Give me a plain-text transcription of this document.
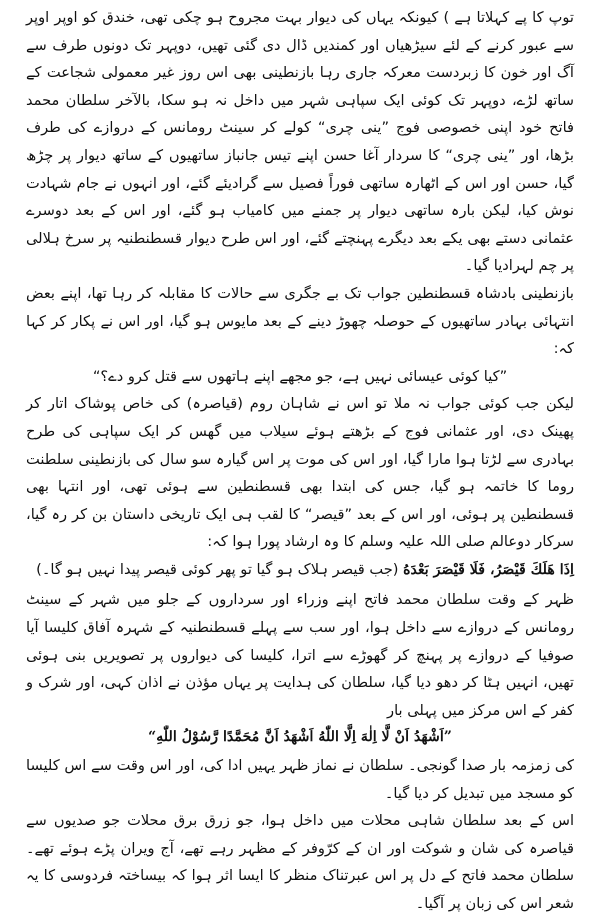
توپ کا پے کہلاتا ہے ) کیونکہ یہاں کی دیوار بہت مجروح ہو چکی تھی، خندق کو اوپر اوپر سے عبور کرنے کے لئے سیڑھیاں اور کمندیں ڈال دی گئی تھیں، دوپہر تک دونوں طرف سے آگ اور خون کا زبردست معرکہ جاری رہا بازنطینی بھی اس روز غیر معمولی شجاعت کے ساتھ لڑے، دوپہر تک کوئی ایک سپاہی شہر میں داخل نہ ہو سکا، بالآخر سلطان محمد فاتح خود اپنی خصوصی فوج ”ینی چری“ کولے کر سینٹ رومانس کے دروازے کی طرف بڑھا، اور ”ینی چری“ کا سردار آغا حسن اپنے تیس جانباز ساتھیوں کے ساتھ دیوار پر چڑھ گیا، حسن اور اس کے اٹھارہ ساتھی فوراً فصیل سے گرادیئے گئے، اور انہوں نے جام شہادت نوش کیا، لیکن بارہ ساتھی دیوار پر جمنے میں کامیاب ہو گئے، اور اس کے بعد دوسرے عثمانی دستے بھی یکے بعد دیگرے پہنچتے گئے، اور اس طرح دیوار قسطنطنیہ پر سرخ ہلالی پر چم لہرادیا گیا۔

بازنطینی بادشاہ قسطنطین جواب تک بے جگری سے حالات کا مقابلہ کر رہا تھا، اپنے بعض انتہائی بہادر ساتھیوں کے حوصلہ چھوڑ دینے کے بعد مایوس ہو گیا، اور اس نے پکار کر کہا کہ:

”کیا کوئی عیسائی نہیں ہے، جو مجھے اپنے ہاتھوں سے قتل کرو دے؟“

لیکن جب کوئی جواب نہ ملا تو اس نے شاہان روم (قیاصرہ) کی خاص پوشاک اتار کر پھینک دی، اور عثمانی فوج کے بڑھتے ہوئے سیلاب میں گھس کر ایک سپاہی کی طرح بہادری سے لڑتا ہوا مارا گیا، اور اس کی موت پر اس گیارہ سو سال کی بازنطینی سلطنت روما کا خاتمہ ہو گیا، جس کی ابتدا بھی قسطنطین سے ہوئی تھی، اور انتہا بھی قسطنطین پر ہوئی، اور اس کے بعد ”قیصر“ کا لقب ہی ایک تاریخی داستان بن کر رہ گیا، سرکار دوعالم صلی اللہ علیہ وسلم کا وہ ارشاد پورا ہوا کہ:

اِذَا هَلَكَ قَيْصَرُ، فَلَا قَيْصَرَ بَعْدَهُ (جب قیصر ہلاک ہو گیا تو پھر کوئی قیصر پیدا نہیں ہو گا۔)

ظہر کے وقت سلطان محمد فاتح اپنے وزراء اور سرداروں کے جلو میں شہر کے سینٹ رومانس کے دروازے سے داخل ہوا، اور سب سے پہلے قسطنطنیہ کے شہرہ آفاق کلیسا آیا صوفیا کے دروازے پر پہنچ کر گھوڑے سے اترا، کلیسا کی دیواروں پر تصویریں بنی ہوئی تھیں، انہیں ہٹا کر دھو دیا گیا، سلطان کی ہدایت پر یہاں مؤذن نے اذان کہی، اور شرک و کفر کے اس مرکز میں پہلی بار

”اَشْهَدُ اَنْ لَّا اِلٰهَ اِلَّا اللّٰهُ اَشْهَدُ اَنَّ مُحَمَّدًا رَّسُوْلُ اللّٰهِ“

کی زمزمہ بار صدا گونجی۔ سلطان نے نماز ظہر یہیں ادا کی، اور اس وقت سے اس کلیسا کو مسجد میں تبدیل کر دیا گیا۔

اس کے بعد سلطان شاہی محلات میں داخل ہوا، جو زرق برق محلات جو صدیوں سے قیاصرہ کی شان و شوکت اور ان کے کرّوفر کے مظہر رہے تھے، آج ویران پڑے ہوئے تھے۔ سلطان محمد فاتح کے دل پر اس عبرتناک منظر کا ایسا اثر ہوا کہ بیساختہ فردوسی کا یہ شعر اس کی زبان پر آگیا۔
